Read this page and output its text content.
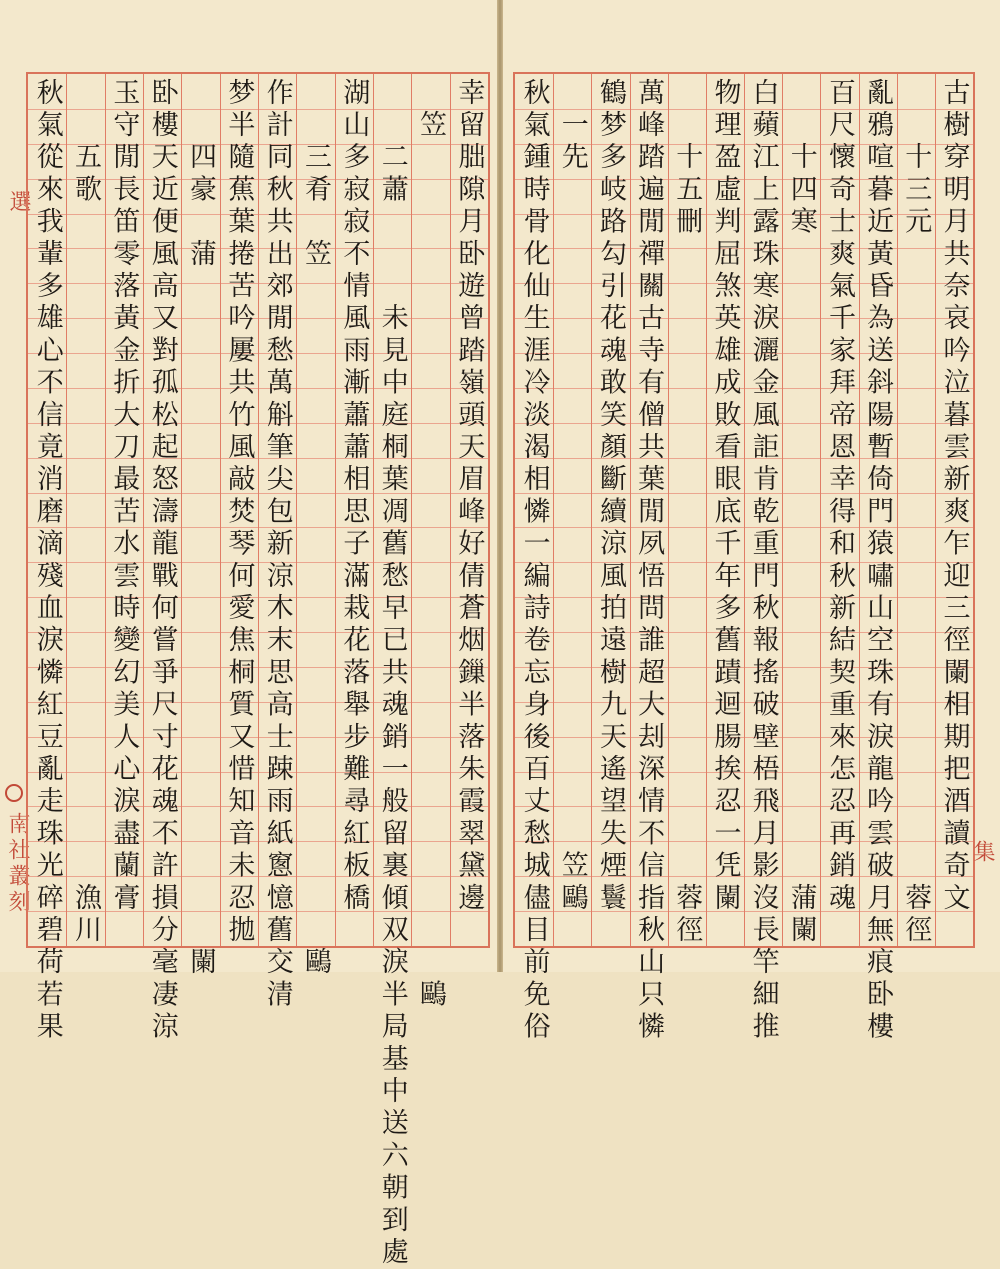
選
南社叢刻	幸留朏隙月卧遊曾踏嶺頭天眉峰好倩蒼烟鏁半落朱霞翠黛邊
　笠　　　　　　　　　　　　　　　　　　　　　　　　　　鷗
　　二蕭　　　未見中庭桐葉凋舊愁早已共魂銷一般留裏傾双淚半局基中送六朝到處
湖山多寂寂不情風雨漸蕭蕭相思子滿栽花落舉步難尋紅板橋
　　三肴　笠　　　　　　　　　　　　　　　　　　　　　鷗
作計同秋共出郊閒愁萬斛筆尖包新涼木末思高士踈雨紙窻憶舊交清
梦半隨蕉葉捲苦吟屢共竹風敲焚琴何愛焦桐質又惜知音未忍拋
　　四豪　蒲　　　　　　　　　　　　　　　　　　　　　闌
卧樓天近便風高又對孤松起怒濤龍戰何嘗爭尺寸花魂不許損分毫凄涼
玉守閒長笛零落黃金折大刀最苦水雲時變幻美人心淚盡蘭膏
　　五歌　　　　　　　　　　　　　　　　　　　　　漁川
秋氣從來我輩多雄心不信竟消磨滴殘血淚憐紅豆亂走珠光碎碧荷若果	古樹穿明月共奈哀吟泣暮雲新爽乍迎三徑闌相期把酒讀奇文
　　十三元　　　　　　　　　　　　　　　　　　　　蓉徑
亂鴉喧暮近黃昏為送斜陽暫倚門猿嘯山空珠有淚龍吟雲破月無痕卧樓
百尺懷奇士爽氣千家拜帝恩幸得和秋新結契重來怎忍再銷魂
　　十四寒　　　　　　　　　　　　　　　　　　　　蒲闌
白蘋江上露珠寒淚灑金風詎肯乾重門秋報搖破壁梧飛月影沒長竿細推
物理盈虛判屈煞英雄成敗看眼底千年多舊蹟迴腸挨忍一凭闌
　　十五刪　　　　　　　　　　　　　　　　　　　　蓉徑
萬峰踏遍閒禪關古寺有僧共葉閒夙悟問誰超大刦深情不信指秋山只憐
鶴梦多岐路勾引花魂敢笑顏斷續涼風拍遠樹九天遙望失煙鬟
　一先　　　　　　　　　　　　　　　　　　　　　笠鷗
秋氣鍾時骨化仙生涯冷淡渴相憐一編詩卷忘身後百丈愁城儘目前免俗	集
